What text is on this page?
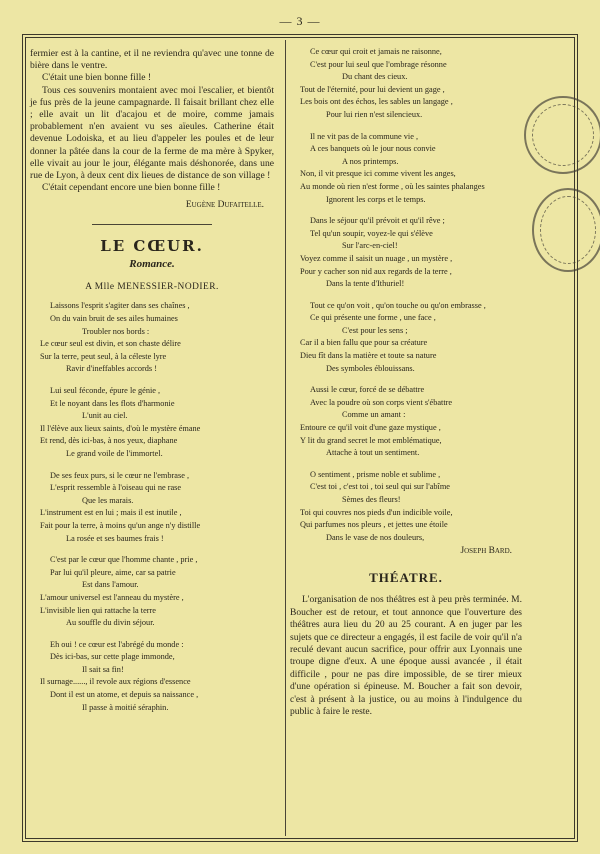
— 3 —

fermier est à la cantine, et il ne reviendra qu'avec une tonne de bière dans le ventre.

C'était une bien bonne fille !

Tous ces souvenirs montaient avec moi l'escalier, et bientôt je fus près de la jeune campagnarde. Il faisait brillant chez elle ; elle avait un lit d'acajou et de moire, comme jamais probablement n'en avaient vu ses aïeules. Catherine était devenue Lodoiska, et au lieu d'appeler les poules et de leur donner la pâtée dans la cour de la ferme de ma mère à Spyker, elle vivait au jour le jour, élégante mais déshonorée, dans une rue de Lyon, à deux cent dix lieues de distance de son village !

C'était cependant encore une bien bonne fille !

Eugène Dufaitelle.
LE CŒUR.
Romance.
A Mlle MENESSIER-NODIER.
Laissons l'esprit s'agiter dans ses chaînes ,
On du vain bruit de ses ailes humaines
Troubler nos bords :
Le cœur seul est divin, et son chaste délire
Sur la terre, peut seul, à la céleste lyre
Ravir d'ineffables accords !
Lui seul féconde, épure le génie ,
Et le noyant dans les flots d'harmonie
L'unit au ciel.
Il l'élève aux lieux saints, d'où le mystère émane
Et rend, dès ici-bas, à nos yeux, diaphane
Le grand voile de l'immortel.
De ses feux purs, si le cœur ne l'embrase ,
L'esprit ressemble à l'oiseau qui ne rase
Que les marais.
L'instrument est en lui ; mais il est inutile ,
Fait pour la terre, à moins qu'un ange n'y distille
La rosée et ses baumes frais !
C'est par le cœur que l'homme chante , prie ,
Par lui qu'il pleure, aime, car sa patrie
Est dans l'amour.
L'amour universel est l'anneau du mystère ,
L'invisible lien qui rattache la terre
Au souffle du divin séjour.
Eh oui ! ce cœur est l'abrégé du monde :
Dès ici-bas, sur cette plage immonde,
Il sait sa fin!
Il surnage......, il revole aux régions d'essence
Dont il est un atome, et depuis sa naissance ,
Il passe à moitié séraphin.
Ce cœur qui croit et jamais ne raisonne,
C'est pour lui seul que l'ombrage résonne
Du chant des cieux.
Tout de l'éternité, pour lui devient un gage ,
Les bois ont des échos, les sables un langage ,
Pour lui rien n'est silencieux.
Il ne vit pas de la commune vie ,
A ces banquets où le jour nous convie
A nos printemps.
Non, il vit presque ici comme vivent les anges,
Au monde où rien n'est forme , où les saintes phalanges
Ignorent les corps et le temps.
Dans le séjour qu'il prévoit et qu'il rêve ;
Tel qu'un soupir, voyez-le qui s'élève
Sur l'arc-en-ciel!
Voyez comme il saisit un nuage , un mystère ,
Pour y cacher son nid aux regards de la terre ,
Dans la tente d'Ithuriel!
Tout ce qu'on voit , qu'on touche ou qu'on embrasse ,
Ce qui présente une forme , une face ,
C'est pour les sens ;
Car il a bien fallu que pour sa créature
Dieu fît dans la matière et toute sa nature
Des symboles éblouissans.
Aussi le cœur, forcé de se débattre
Avec la poudre où son corps vient s'ébattre
Comme un amant :
Entoure ce qu'il voit d'une gaze mystique ,
Y lit du grand secret le mot emblématique,
Attache à tout un sentiment.
O sentiment , prisme noble et sublime ,
C'est toi , c'est toi , toi seul qui sur l'abîme
Sèmes des fleurs!
Toi qui couvres nos pieds d'un indicible voile,
Qui parfumes nos pleurs , et jettes une étoile
Dans le vase de nos douleurs,
Joseph Bard.
THÉATRE.

L'organisation de nos théâtres est à peu près terminée. M. Boucher est de retour, et tout annonce que l'ouverture des théâtres aura lieu du 20 au 25 courant. A en juger par les sujets que ce directeur a engagés, il est facile de voir qu'il n'a reculé devant aucun sacrifice, pour offrir aux Lyonnais une troupe digne d'eux. A une époque aussi avancée , il était difficile , pour ne pas dire impossible, de se tirer mieux d'une opération si épineuse. M. Boucher a fait son devoir, c'est à présent à la justice, ou au moins à l'indulgence du public à faire le reste.
